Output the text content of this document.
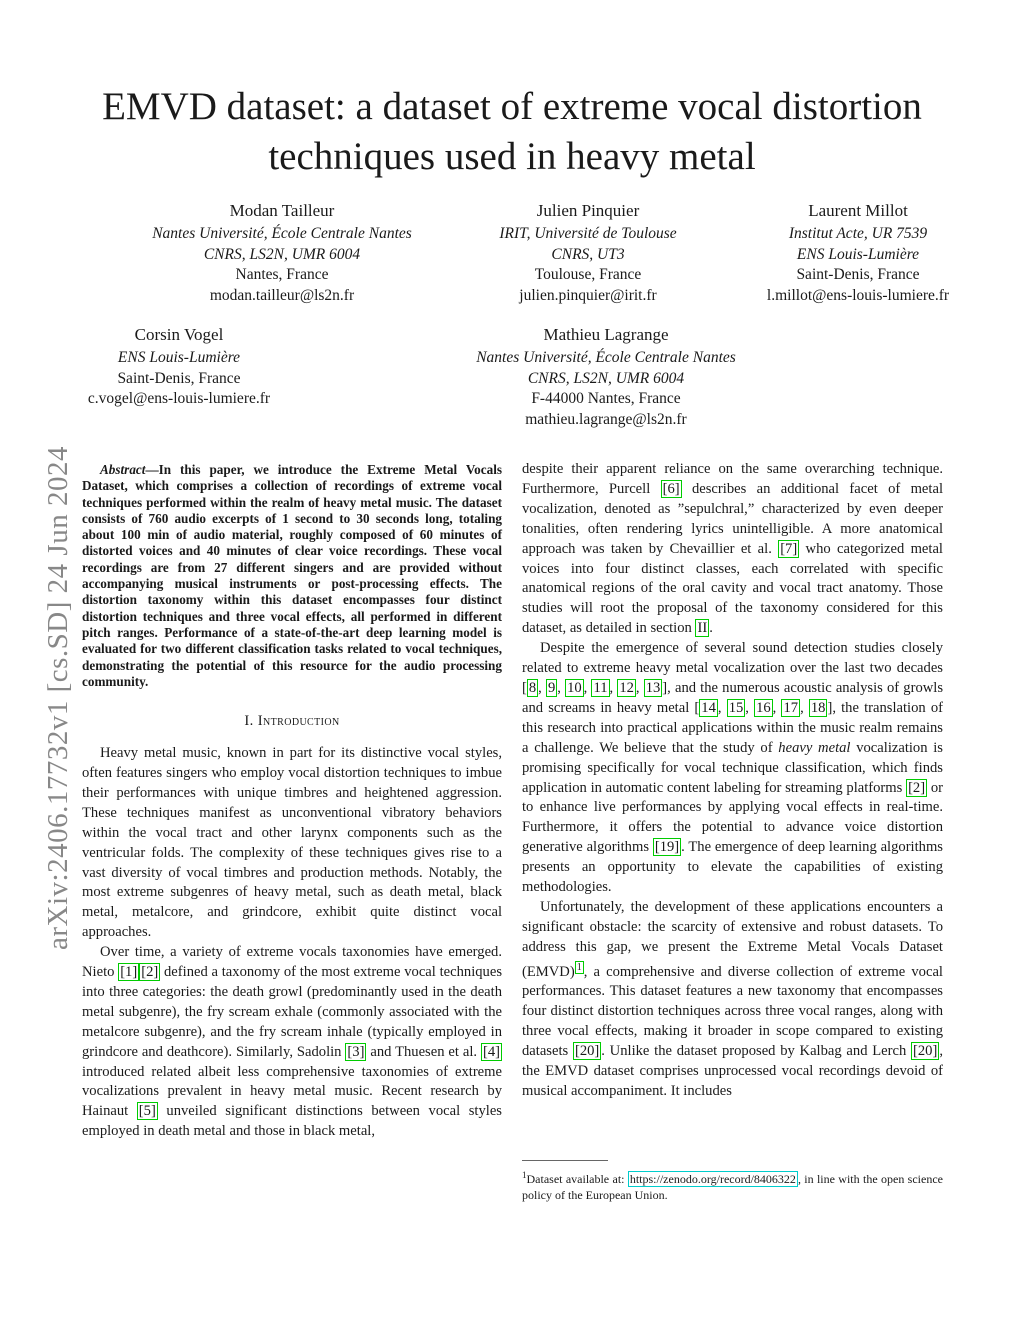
arXiv:2406.17732v1 [cs.SD] 24 Jun 2024
EMVD dataset: a dataset of extreme vocal distortion techniques used in heavy metal
Modan Tailleur
Nantes Université, École Centrale Nantes
CNRS, LS2N, UMR 6004
Nantes, France
modan.tailleur@ls2n.fr
Julien Pinquier
IRIT, Université de Toulouse
CNRS, UT3
Toulouse, France
julien.pinquier@irit.fr
Laurent Millot
Institut Acte, UR 7539
ENS Louis-Lumière
Saint-Denis, France
l.millot@ens-louis-lumiere.fr
Corsin Vogel
ENS Louis-Lumière
Saint-Denis, France
c.vogel@ens-louis-lumiere.fr
Mathieu Lagrange
Nantes Université, École Centrale Nantes
CNRS, LS2N, UMR 6004
F-44000 Nantes, France
mathieu.lagrange@ls2n.fr

Abstract—In this paper, we introduce the Extreme Metal Vocals Dataset, which comprises a collection of recordings of extreme vocal techniques performed within the realm of heavy metal music. The dataset consists of 760 audio excerpts of 1 second to 30 seconds long, totaling about 100 min of audio material, roughly composed of 60 minutes of distorted voices and 40 minutes of clear voice recordings. These vocal recordings are from 27 different singers and are provided without accompanying musical instruments or post-processing effects. The distortion taxonomy within this dataset encompasses four distinct distortion techniques and three vocal effects, all performed in different pitch ranges. Performance of a state-of-the-art deep learning model is evaluated for two different classification tasks related to vocal techniques, demonstrating the potential of this resource for the audio processing community.

I. Introduction

Heavy metal music, known in part for its distinctive vocal styles, often features singers who employ vocal distortion techniques to imbue their performances with unique timbres and heightened aggression. These techniques manifest as unconventional vibratory behaviors within the vocal tract and other larynx components such as the ventricular folds. The complexity of these techniques gives rise to a vast diversity of vocal timbres and production methods. Notably, the most extreme subgenres of heavy metal, such as death metal, black metal, metalcore, and grindcore, exhibit quite distinct vocal approaches.

Over time, a variety of extreme vocals taxonomies have emerged. Nieto [1] [2] defined a taxonomy of the most extreme vocal techniques into three categories: the death growl (predominantly used in the death metal subgenre), the fry scream exhale (commonly associated with the metalcore subgenre), and the fry scream inhale (typically employed in grindcore and deathcore). Similarly, Sadolin [3] and Thuesen et al. [4] introduced related albeit less comprehensive taxonomies of extreme vocalizations prevalent in heavy metal music. Recent research by Hainaut [5] unveiled significant distinctions between vocal styles employed in death metal and those in black metal,

despite their apparent reliance on the same overarching technique. Furthermore, Purcell [6] describes an additional facet of metal vocalization, denoted as ”sepulchral,” characterized by even deeper tonalities, often rendering lyrics unintelligible. A more anatomical approach was taken by Chevaillier et al. [7] who categorized metal voices into four distinct classes, each correlated with specific anatomical regions of the oral cavity and vocal tract anatomy. Those studies will root the proposal of the taxonomy considered for this dataset, as detailed in section II .

Despite the emergence of several sound detection studies closely related to extreme heavy metal vocalization over the last two decades [ 8 , 9 , 10 , 11 , 12 , 13 ], and the numerous acoustic analysis of growls and screams in heavy metal [ 14 , 15 , 16 , 17 , 18 ], the translation of this research into practical applications within the music realm remains a challenge. We believe that the study of heavy metal vocalization is promising specifically for vocal technique classification, which finds application in automatic content labeling for streaming platforms [2] or to enhance live performances by applying vocal effects in real-time. Furthermore, it offers the potential to advance voice distortion generative algorithms [19] . The emergence of deep learning algorithms presents an opportunity to elevate the capabilities of existing methodologies.

Unfortunately, the development of these applications encounters a significant obstacle: the scarcity of extensive and robust datasets. To address this gap, we present the Extreme Metal Vocals Dataset (EMVD) $^1$ , a comprehensive and diverse collection of extreme vocal performances. This dataset features a new taxonomy that encompasses four distinct distortion techniques across three vocal ranges, along with three vocal effects, making it broader in scope compared to existing datasets [20] . Unlike the dataset proposed by Kalbag and Lerch [20] , the EMVD dataset comprises unprocessed vocal recordings devoid of musical accompaniment. It includes

$^1$Dataset available at: https://zenodo.org/record/8406322 , in line with the open science policy of the European Union.
